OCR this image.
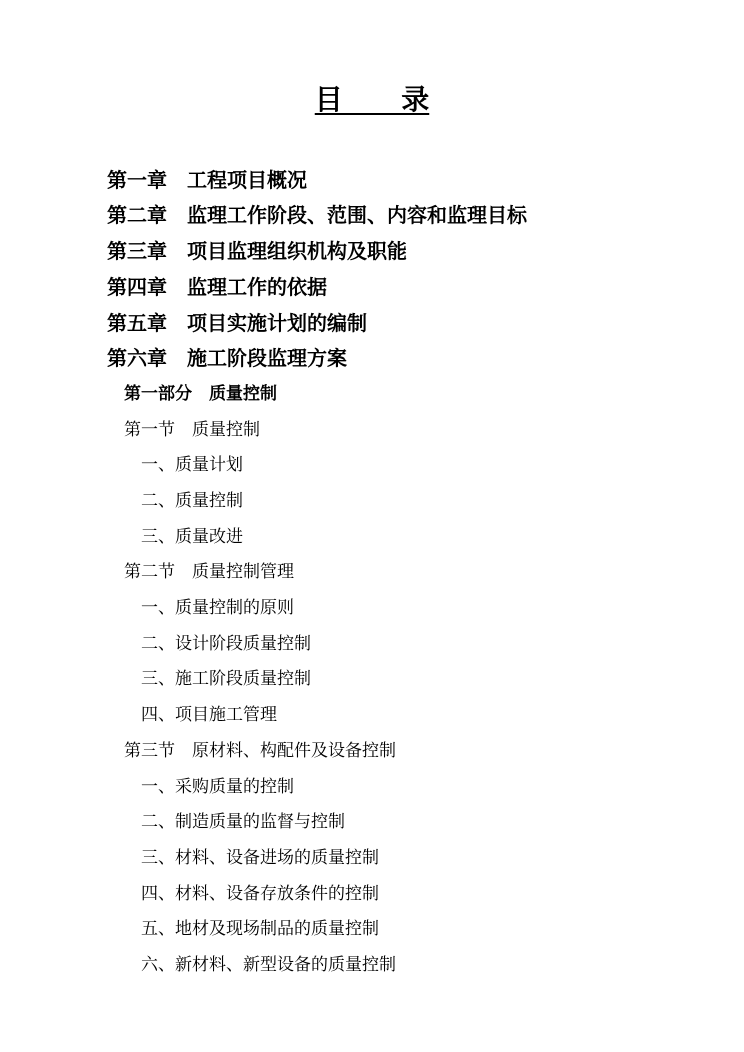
目      录
第一章　工程项目概况
第二章　监理工作阶段、范围、内容和监理目标
第三章　项目监理组织机构及职能
第四章　监理工作的依据
第五章　项目实施计划的编制
第六章　施工阶段监理方案
第一部分　质量控制
第一节　质量控制
一、质量计划
二、质量控制
三、质量改进
第二节　质量控制管理
一、质量控制的原则
二、设计阶段质量控制
三、施工阶段质量控制
四、项目施工管理
第三节　原材料、构配件及设备控制
一、采购质量的控制
二、制造质量的监督与控制
三、材料、设备进场的质量控制
四、材料、设备存放条件的控制
五、地材及现场制品的质量控制
六、新材料、新型设备的质量控制
